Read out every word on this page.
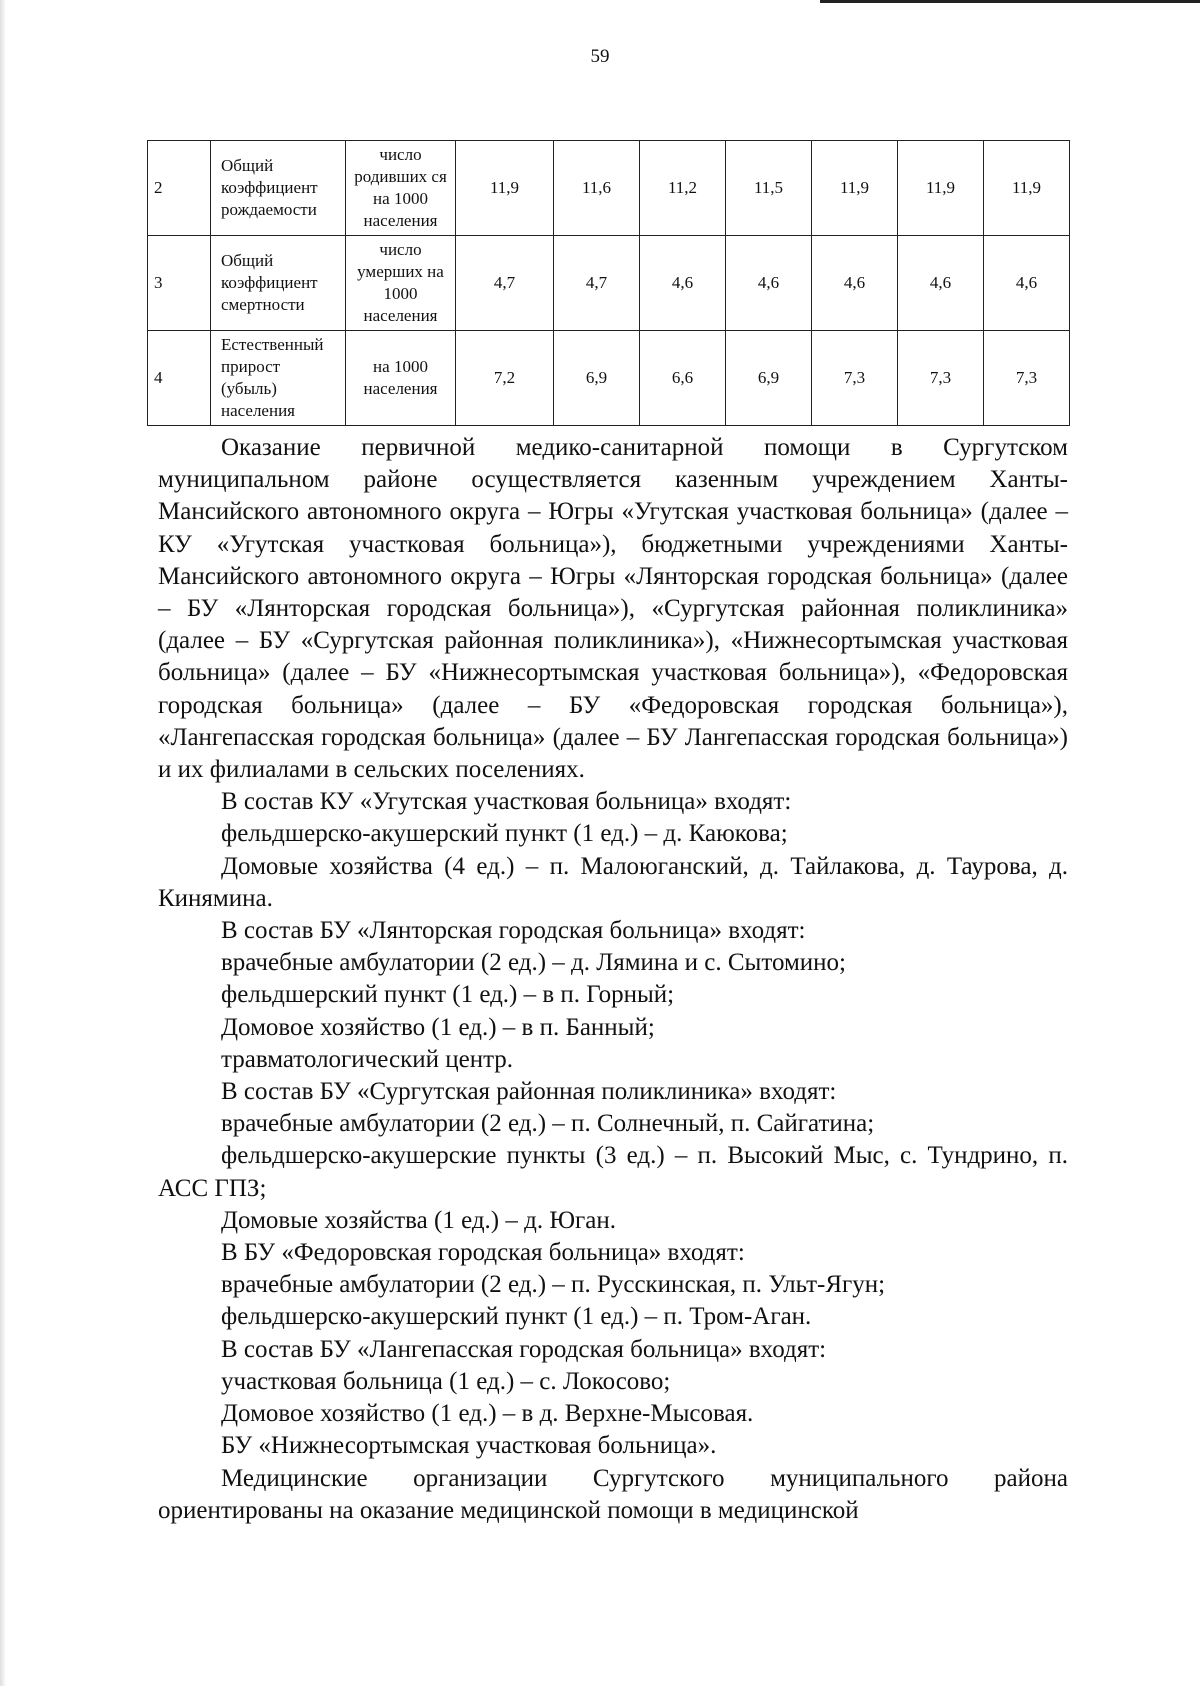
59
2	Общий коэффициент рождаемости	число родивших ся на 1000 населения	11,9	11,6	11,2	11,5	11,9	11,9	11,9
3	Общий коэффициент смертности	число умерших на 1000 населения	4,7	4,7	4,6	4,6	4,6	4,6	4,6
4	Естественный прирост (убыль) населения	на 1000 населения	7,2	6,9	6,6	6,9	7,3	7,3	7,3

Оказание первичной медико-санитарной помощи в Сургутском муниципальном районе осуществляется казенным учреждением Ханты-Мансийского автономного округа – Югры «Угутская участковая больница» (далее – КУ «Угутская участковая больница»), бюджетными учреждениями Ханты-Мансийского автономного округа – Югры «Лянторская городская больница» (далее – БУ «Лянторская городская больница»), «Сургутская районная поликлиника» (далее – БУ «Сургутская районная поликлиника»), «Нижнесортымская участковая больница» (далее – БУ «Нижнесортымская участковая больница»), «Федоровская городская больница» (далее – БУ «Федоровская городская больница»), «Лангепасская городская больница» (далее – БУ Лангепасская городская больница») и их филиалами в сельских поселениях.

В состав КУ «Угутская участковая больница» входят:

фельдшерско-акушерский пункт (1 ед.) – д. Каюкова;

Домовые хозяйства (4 ед.) – п. Малоюганский, д. Тайлакова, д. Таурова, д. Кинямина.

В состав БУ «Лянторская городская больница» входят:

врачебные амбулатории (2 ед.) – д. Лямина и с. Сытомино;

фельдшерский пункт (1 ед.) – в п. Горный;

Домовое хозяйство (1 ед.) – в п. Банный;

травматологический центр.

В состав БУ «Сургутская районная поликлиника» входят:

врачебные амбулатории (2 ед.) – п. Солнечный, п. Сайгатина;

фельдшерско-акушерские пункты (3 ед.) – п. Высокий Мыс, с. Тундрино, п. АСС ГПЗ;

Домовые хозяйства (1 ед.) – д. Юган.

В БУ «Федоровская городская больница» входят:

врачебные амбулатории (2 ед.) – п. Русскинская, п. Ульт-Ягун;

фельдшерско-акушерский пункт (1 ед.) – п. Тром-Аган.

В состав БУ «Лангепасская городская больница» входят:

участковая больница (1 ед.) – с. Локосово;

Домовое хозяйство (1 ед.) – в д. Верхне-Мысовая.

БУ «Нижнесортымская участковая больница».

Медицинские организации Сургутского муниципального района ориентированы на оказание медицинской помощи в медицинской
